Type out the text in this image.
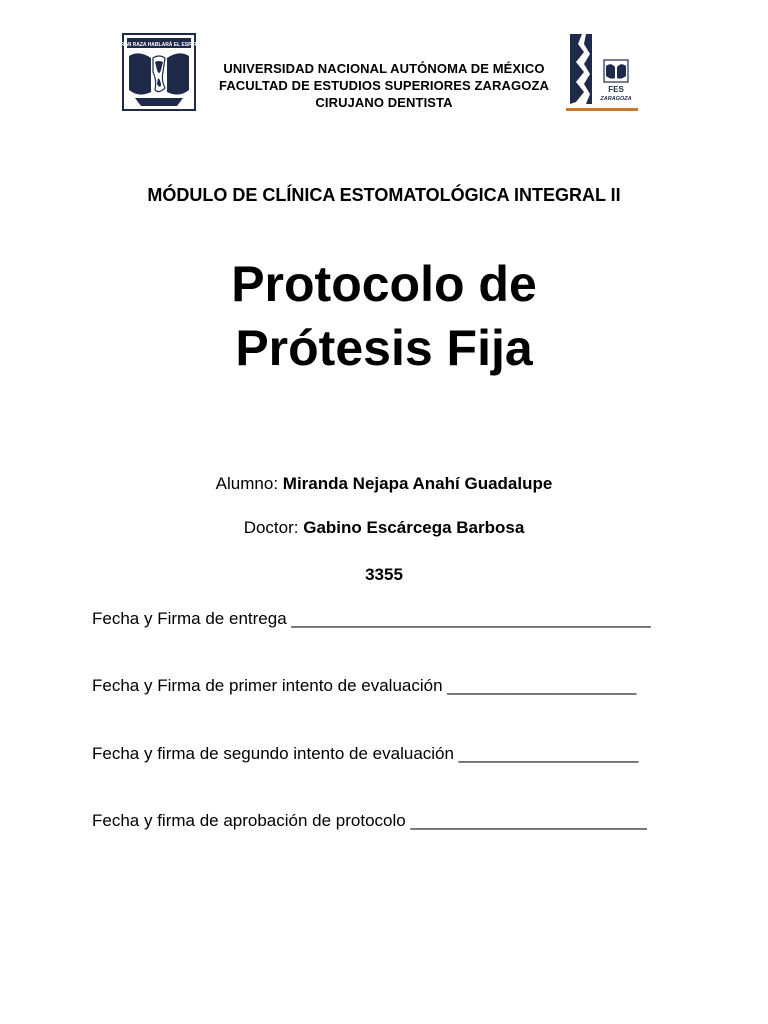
POR MI RAZA HABLARÁ EL ESPÍRITU
UNIVERSIDAD NACIONAL AUTÓNOMA DE MÉXICO
FACULTAD DE ESTUDIOS SUPERIORES ZARAGOZA
CIRUJANO DENTISTA
FES
ZARAGOZA
MÓDULO DE CLÍNICA ESTOMATOLÓGICA INTEGRAL II
Protocolo de
Prótesis Fija
Alumno: Miranda Nejapa Anahí Guadalupe
Doctor: Gabino Escárcega Barbosa
3355
Fecha y Firma de entrega ______________________________________
Fecha y Firma de primer intento de evaluación ____________________
Fecha y firma de segundo intento de evaluación ___________________
Fecha y firma de aprobación de protocolo _________________________
